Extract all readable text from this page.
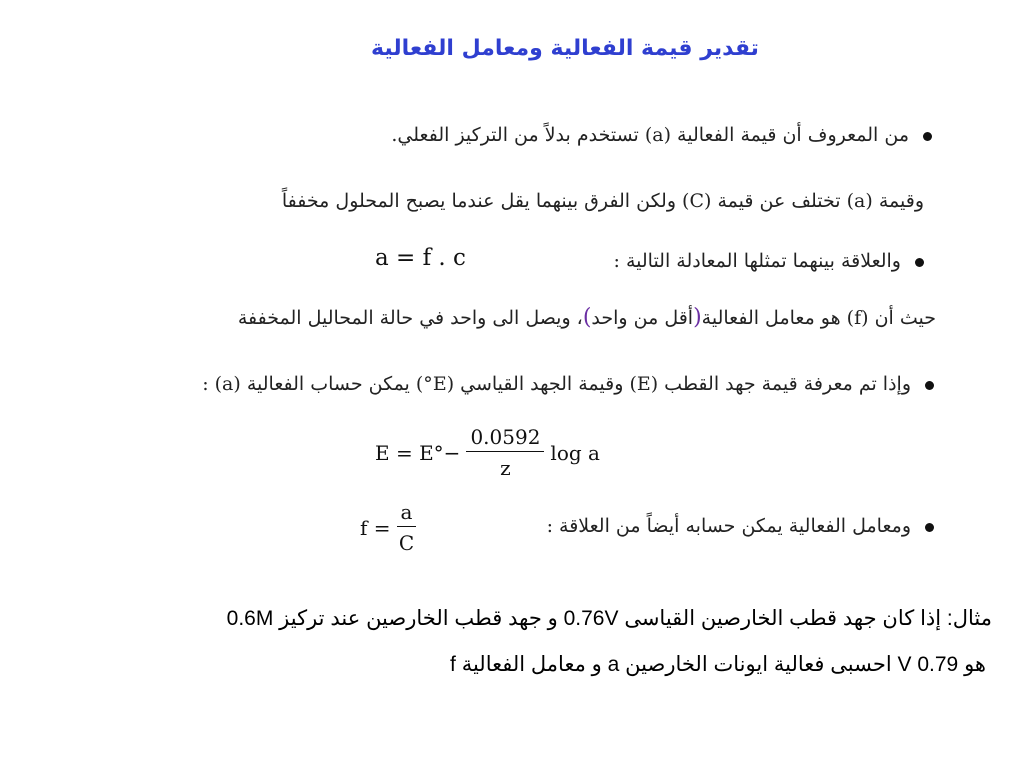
تقدير قيمة الفعالية ومعامل الفعالية
من المعروف أن قيمة الفعالية (a) تستخدم بدلاً من التركيز الفعلي.
وقيمة (a) تختلف عن قيمة (C) ولكن الفرق بينهما يقل عندما يصبح المحلول مخففاً
والعلاقة بينهما تمثلها المعادلة التالية :
a = f . c
حيث أن (f) هو معامل الفعالية(أقل من واحد)، ويصل الى واحد في حالة المحاليل المخففة
وإذا تم معرفة قيمة جهد القطب (E) وقيمة الجهد القياسي (E°) يمكن حساب الفعالية (a) :
$E = E^\circ- \frac{0.0592}{z}$ log a
ومعامل الفعالية يمكن حسابه أيضاً من العلاقة :
$f = \frac{a}{C}$
مثال: إذا كان جهد قطب الخارصين القياسى 0.76V و جهد قطب الخارصين عند تركيز 0.6M
هو 0.79 V احسبى فعالية ايونات الخارصين a و معامل الفعالية f
